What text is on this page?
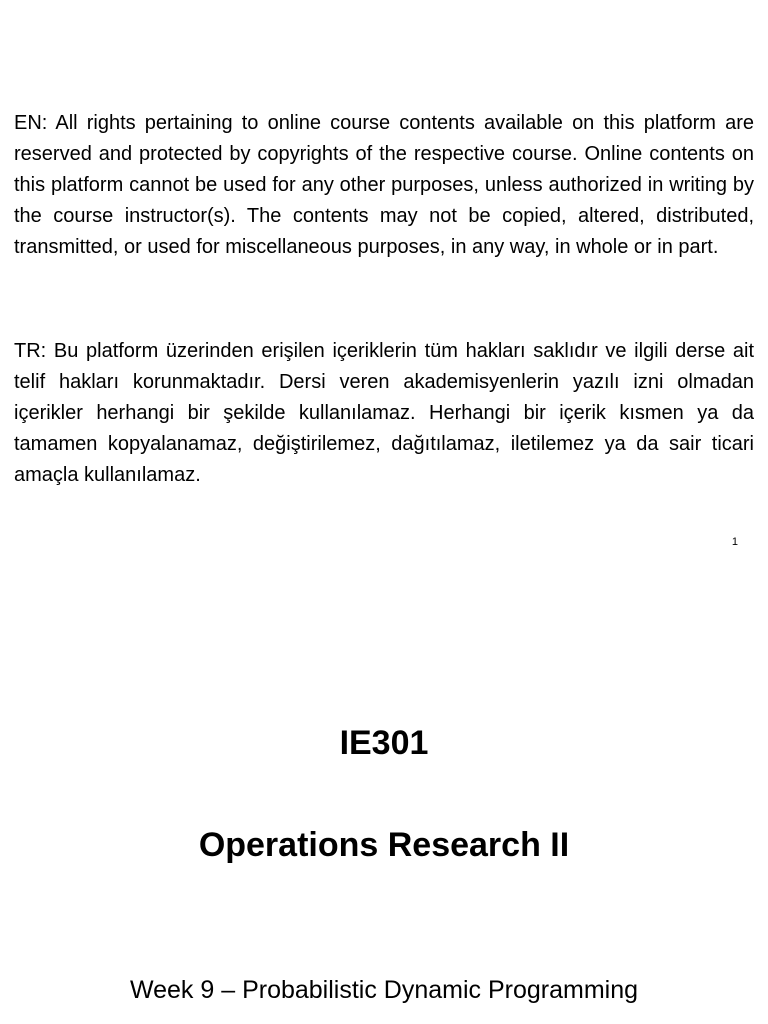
EN: All rights pertaining to online course contents available on this platform are reserved and protected by copyrights of the respective course. Online contents on this platform cannot be used for any other purposes, unless authorized in writing by the course instructor(s). The contents may not be copied, altered, distributed, transmitted, or used for miscellaneous purposes, in any way, in whole or in part.

TR: Bu platform üzerinden erişilen içeriklerin tüm hakları saklıdır ve ilgili derse ait telif hakları korunmaktadır. Dersi veren akademisyenlerin yazılı izni olmadan içerikler herhangi bir şekilde kullanılamaz. Herhangi bir içerik kısmen ya da tamamen kopyalanamaz, değiştirilemez, dağıtılamaz, iletilemez ya da sair ticari amaçla kullanılamaz.

1

IE301
Operations Research II

Week 9 – Probabilistic Dynamic Programming
